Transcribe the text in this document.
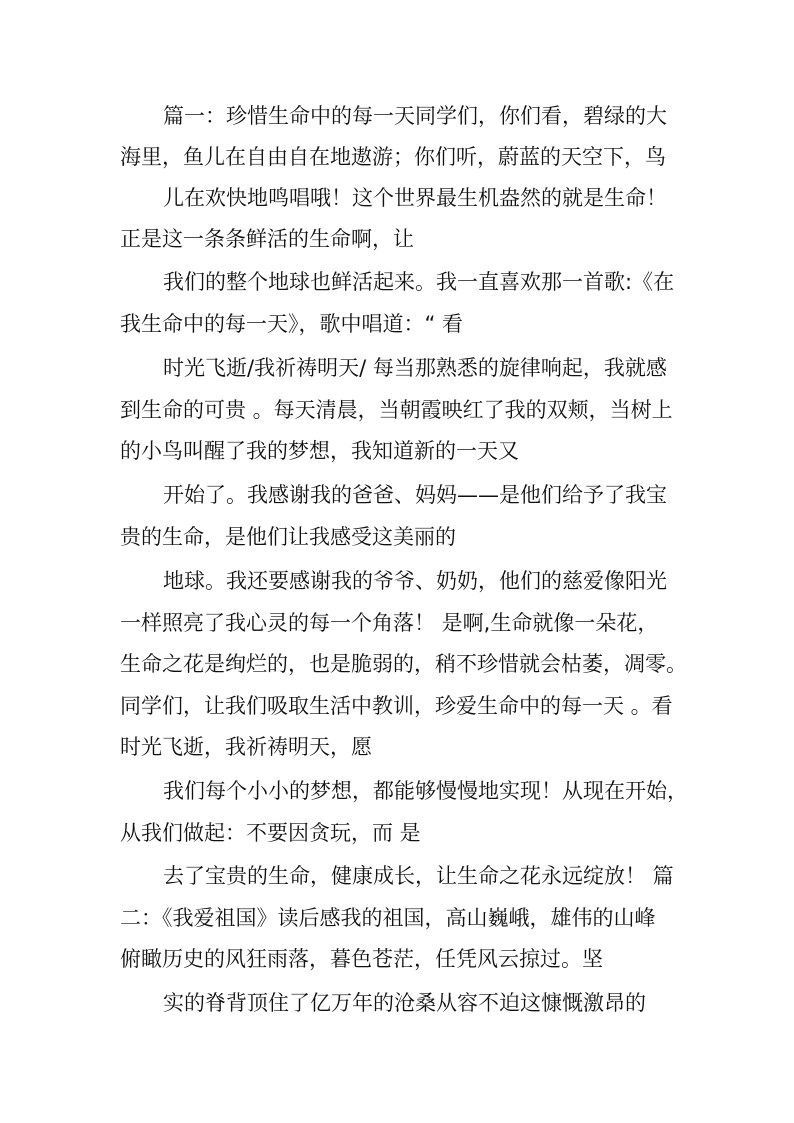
篇一：珍惜生命中的每一天同学们，你们看，碧绿的大
海里，鱼儿在自由自在地遨游；你们听，蔚蓝的天空下，鸟
儿在欢快地鸣唱哦！这个世界最生机盎然的就是生命！
正是这一条条鲜活的生命啊，让
我们的整个地球也鲜活起来。我一直喜欢那一首歌:《在
我生命中的每一天》，歌中唱道：“ 看
时光飞逝/我祈祷明天/ 每当那熟悉的旋律响起，我就感
到生命的可贵 。每天清晨，当朝霞映红了我的双颊，当树上
的小鸟叫醒了我的梦想，我知道新的一天又
开始了。我感谢我的爸爸、妈妈——是他们给予了我宝
贵的生命，是他们让我感受这美丽的
地球。我还要感谢我的爷爷、奶奶，他们的慈爱像阳光
一样照亮了我心灵的每一个角落！ 是啊,生命就像一朵花，
生命之花是绚烂的，也是脆弱的，稍不珍惜就会枯萎，凋零。
同学们，让我们吸取生活中教训，珍爱生命中的每一天 。看
时光飞逝，我祈祷明天，愿
我们每个小小的梦想，都能够慢慢地实现！从现在开始，
从我们做起：不要因贪玩，而 是
去了宝贵的生命，健康成长，让生命之花永远绽放！ 篇
二：《我爱祖国》读后感我的祖国，高山巍峨，雄伟的山峰
俯瞰历史的风狂雨落，暮色苍茫，任凭风云掠过。坚
实的脊背顶住了亿万年的沧桑从容不迫这慷慨激昂的
